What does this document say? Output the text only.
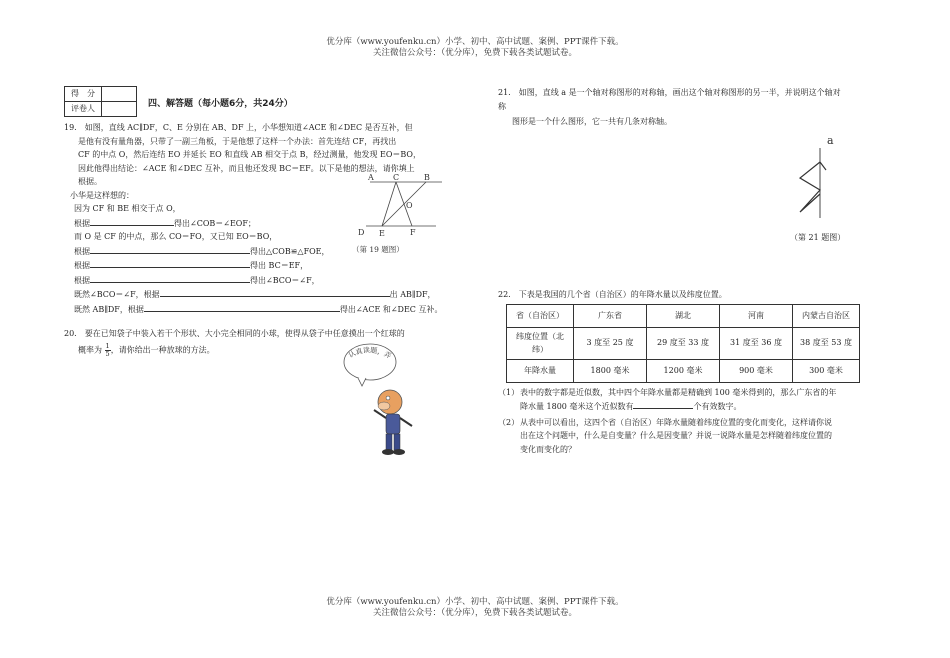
优分库（www.youfenku.cn）小学、初中、高中试题、案例、PPT课件下载。
关注微信公众号：（优分库），免费下载各类试题试卷。
得　分	
评卷人	

19.　如图，直线 AC∥DF，C、E 分别在 AB、DF 上，小华想知道∠ACE 和∠DEC 是否互补，但

是他有没有量角器，只带了一副三角板，于是他想了这样一个办法：首先连结 CF，再找出

CF 的中点 O，然后连结 EO 并延长 EO 和直线 AB 相交于点 B，经过测量，他发现 EO＝BO，

因此他得出结论：∠ACE 和∠DEC 互补，而且他还发现 BC＝EF。以下是他的想法，请你填上

根据。

小华是这样想的：

因为 CF 和 BE 相交于点 O，

根据	得出∠COB＝∠EOF；

而 O 是 CF 的中点，那么 CO＝FO，又已知 EO＝BO，

根据	得出△COB≌△FOE，

根据	得出 BC＝EF，

根据	得出∠BCO＝∠F，

既然∠BCO＝∠F，根据	出 AB∥DF，

既然 AB∥DF，根据	得出∠ACE 和∠DEC 互补。

20.　要在已知袋子中装入若干个形状、大小完全相同的小球，使得从袋子中任意摸出一个红球的

概率为 $\frac{1}{5}$ ，请你给出一种放球的方法。

四、解答题（每小题6分，共24分）
A C	B
O
D E	F
（第 19 题图）
认真读题，弄

21.　如图，直线 a 是一个轴对称图形的对称轴，画出这个轴对称图形的另一半，并说明这个轴对

称

图形是一个什么图形，它一共有几条对称轴。

a
（第 21 题图）

22.　下表是我国的几个省（自治区）的年降水量以及纬度位置。

省（自治区）	广东省	湖北	河南	内蒙古自治区
纬度位置（北 纬）	3 度至 25 度	29 度至 33 度	31 度至 36 度	38 度至 53 度
年降水量	1800 毫米	1200 毫米	900 毫米	300 毫米
（1） 表中的数字都是近似数，其中四个年降水量都是精确到 100 毫米得到的，那么广东省的年

降水量 1800 毫米这个近似数有	个有效数字。

（2） 从表中可以看出，这四个省（自治区）年降水量随着纬度位置的变化而变化，这样请你说

出在这个问题中，什么是自变量？什么是因变量？并说一说降水量是怎样随着纬度位置的

变化而变化的？

优分库（www.youfenku.cn）小学、初中、高中试题、案例、PPT课件下载。
关注微信公众号：（优分库），免费下载各类试题试卷。
